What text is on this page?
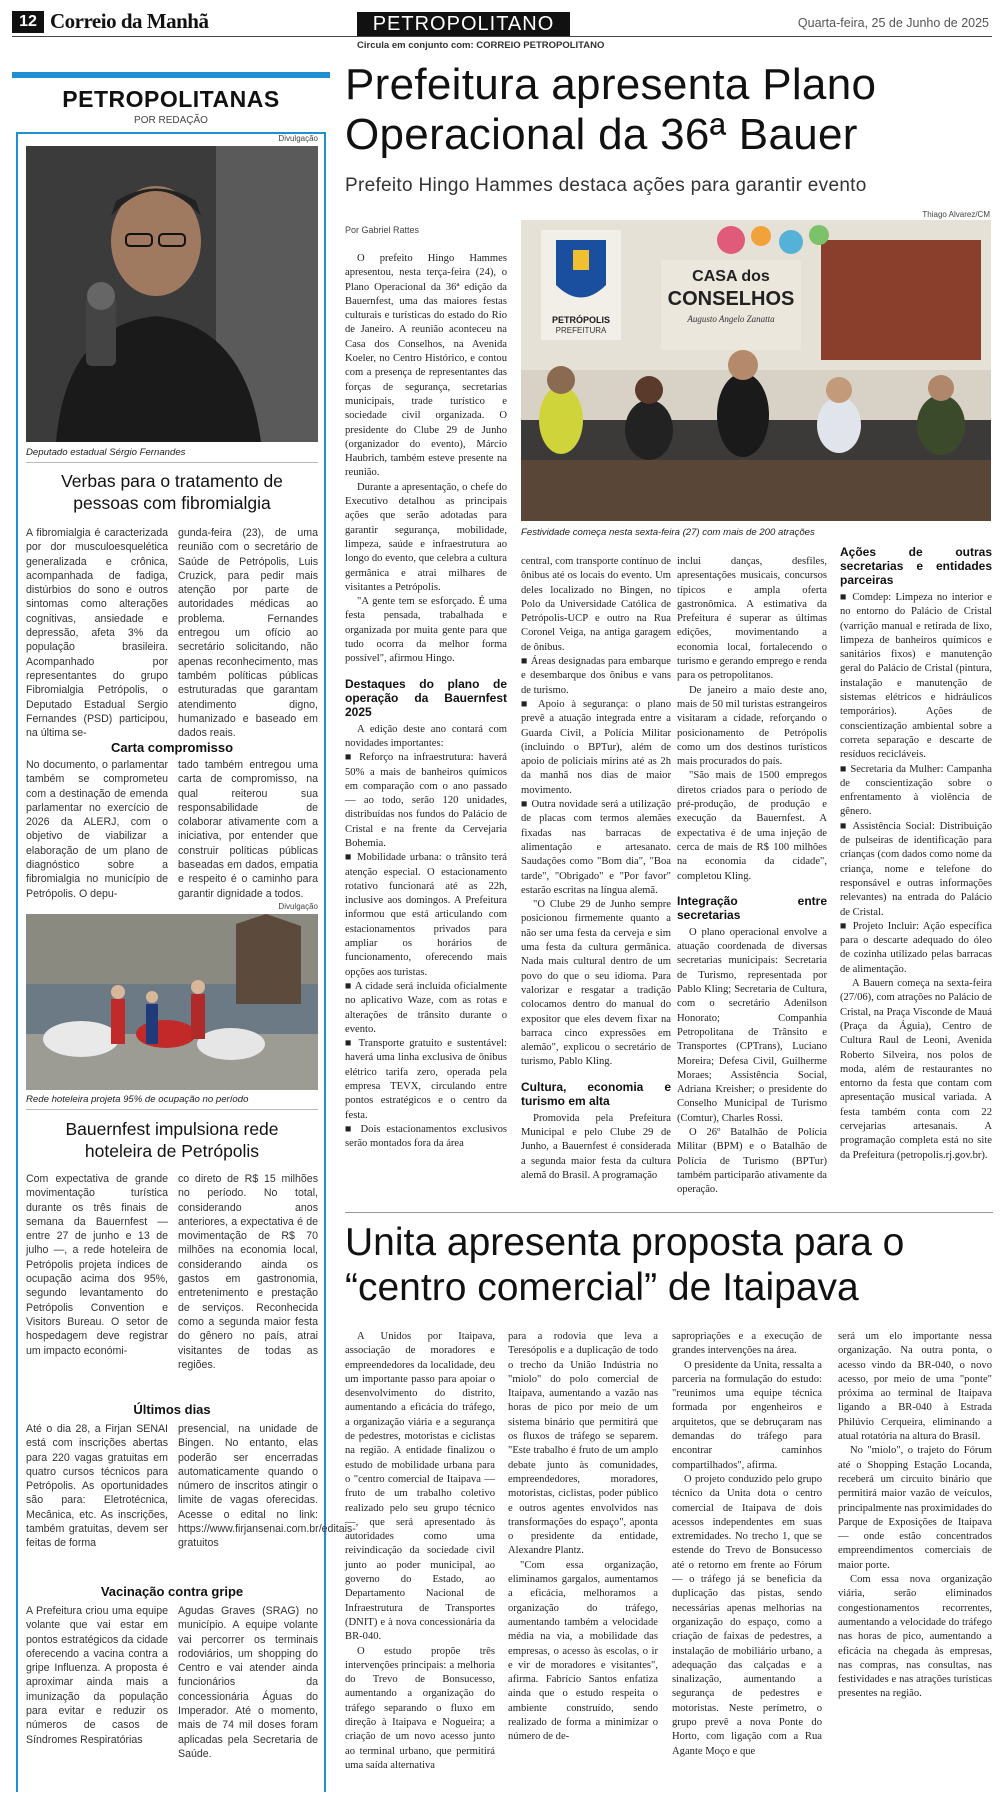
12 Correio da Manhã	PETROPOLITANO	Quarta-feira, 25 de Junho de 2025
Circula em conjunto com: CORREIO PETROPOLITANO
PETROPOLITANAS
POR REDAÇÃO
Divulgação
Deputado estadual Sérgio Fernandes
Verbas para o tratamento de pessoas com fibromialgia
A fibromialgia é caracterizada por dor musculoesquelética generalizada e crônica, acompanhada de fadiga, distúrbios do sono e outros sintomas como alterações cognitivas, ansiedade e depressão, afeta 3% da população brasileira. Acompanhado por representantes do grupo Fibromialgia Petrópolis, o Deputado Estadual Sergio Fernandes (PSD) participou, na última se-
gunda-feira (23), de uma reunião com o secretário de Saúde de Petrópolis, Luis Cruzick, para pedir mais atenção por parte de autoridades médicas ao problema. Fernandes entregou um ofício ao secretário solicitando, não apenas reconhecimento, mas também políticas públicas estruturadas que garantam atendimento digno, humanizado e baseado em dados reais.
Carta compromisso
No documento, o parlamentar também se comprometeu com a destinação de emenda parlamentar no exercício de 2026 da ALERJ, com o objetivo de viabilizar a elaboração de um plano de diagnóstico sobre a fibromialgia no município de Petrópolis. O depu-
tado também entregou uma carta de compromisso, na qual reiterou sua responsabilidade de colaborar ativamente com a iniciativa, por entender que construir políticas públicas baseadas em dados, empatia e respeito é o caminho para garantir dignidade a todos.
Divulgação
Rede hoteleira projeta 95% de ocupação no período
Bauernfest impulsiona rede hoteleira de Petrópolis
Com expectativa de grande movimentação turística durante os três finais de semana da Bauernfest — entre 27 de junho e 13 de julho —, a rede hoteleira de Petrópolis projeta índices de ocupação acima dos 95%, segundo levantamento do Petrópolis Convention e Visitors Bureau. O setor de hospedagem deve registrar um impacto económi-
co direto de R$ 15 milhões no período. No total, considerando anos anteriores, a expectativa é de movimentação de R$ 70 milhões na economia local, considerando ainda os gastos em gastronomia, entretenimento e prestação de serviços. Reconhecida como a segunda maior festa do gênero no país, atrai visitantes de todas as regiões.
Últimos dias
Até o dia 28, a Firjan SENAI está com inscrições abertas para 220 vagas gratuitas em quatro cursos técnicos para Petrópolis. As oportunidades são para: Eletrotécnica, Mecânica, etc. As inscrições, também gratuitas, devem ser feitas de forma
presencial, na unidade de Bingen. No entanto, elas poderão ser encerradas automaticamente quando o número de inscritos atingir o limite de vagas oferecidas. Acesse o edital no link: https://www.firjansenai.com.br/editais-gratuitos
Vacinação contra gripe
A Prefeitura criou uma equipe volante que vai estar em pontos estratégicos da cidade oferecendo a vacina contra a gripe Influenza. A proposta é aproximar ainda mais a imunização da população para evitar e reduzir os números de casos de Síndromes Respiratórias
Agudas Graves (SRAG) no município. A equipe volante vai percorrer os terminais rodoviários, um shopping do Centro e vai atender ainda funcionários da concessionária Águas do Imperador. Até o momento, mais de 74 mil doses foram aplicadas pela Secretaria de Saúde.
Prefeitura apresenta Plano Operacional da 36ª Bauer
Prefeito Hingo Hammes destaca ações para garantir evento
Por Gabriel Rattes
Thiago Alvarez/CM
PETRÓPOLIS
PREFEITURA
CASA dos
CONSELHOS
Augusto Angelo Zanatta
Festividade começa nesta sexta-feira (27) com mais de 200 atrações

O prefeito Hingo Hammes apresentou, nesta terça-feira (24), o Plano Operacional da 36ª edição da Bauernfest, uma das maiores festas culturais e turísticas do estado do Rio de Janeiro. A reunião aconteceu na Casa dos Conselhos, na Avenida Koeler, no Centro Histórico, e contou com a presença de representantes das forças de segurança, secretarias municipais, trade turístico e sociedade civil organizada. O presidente do Clube 29 de Junho (organizador do evento), Márcio Haubrich, também esteve presente na reunião.

Durante a apresentação, o chefe do Executivo detalhou as principais ações que serão adotadas para garantir segurança, mobilidade, limpeza, saúde e infraestrutura ao longo do evento, que celebra a cultura germânica e atrai milhares de visitantes a Petrópolis.

"A gente tem se esforçado. É uma festa pensada, trabalhada e organizada por muita gente para que tudo ocorra da melhor forma possível", afirmou Hingo.

Destaques do plano de operação da Bauernfest 2025

A edição deste ano contará com novidades importantes:

■ Reforço na infraestrutura: haverá 50% a mais de banheiros químicos em comparação com o ano passado — ao todo, serão 120 unidades, distribuídas nos fundos do Palácio de Cristal e na frente da Cervejaria Bohemia.

■ Mobilidade urbana: o trânsito terá atenção especial. O estacionamento rotativo funcionará até as 22h, inclusive aos domingos. A Prefeitura informou que está articulando com estacionamentos privados para ampliar os horários de funcionamento, oferecendo mais opções aos turistas.

■ A cidade será incluída oficialmente no aplicativo Waze, com as rotas e alterações de trânsito durante o evento.

■ Transporte gratuito e sustentável: haverá uma linha exclusiva de ônibus elétrico tarifa zero, operada pela empresa TEVX, circulando entre pontos estratégicos e o centro da festa.

■ Dois estacionamentos exclusivos serão montados fora da área

central, com transporte contínuo de ônibus até os locais do evento. Um deles localizado no Bingen, no Polo da Universidade Católica de Petrópolis-UCP e outro na Rua Coronel Veiga, na antiga garagem de ônibus.

■ Áreas designadas para embarque e desembarque dos ônibus e vans de turismo.

■ Apoio à segurança: o plano prevê a atuação integrada entre a Guarda Civil, a Polícia Militar (incluindo o BPTur), além de apoio de policiais mirins até as 2h da manhã nos dias de maior movimento.

■ Outra novidade será a utilização de placas com termos alemães fixadas nas barracas de alimentação e artesanato. Saudações como "Bom dia", "Boa tarde", "Obrigado" e "Por favor" estarão escritas na língua alemã.

"O Clube 29 de Junho sempre posicionou firmemente quanto a não ser uma festa da cerveja e sim uma festa da cultura germânica. Nada mais cultural dentro de um povo do que o seu idioma. Para valorizar e resgatar a tradição colocamos dentro do manual do expositor que eles devem fixar na barraca cinco expressões em alemão", explicou o secretário de turismo, Pablo Kling.

Cultura, economia e turismo em alta

Promovida pela Prefeitura Municipal e pelo Clube 29 de Junho, a Bauernfest é considerada a segunda maior festa da cultura alemã do Brasil. A programação

inclui danças, desfiles, apresentações musicais, concursos típicos e ampla oferta gastronômica. A estimativa da Prefeitura é superar as últimas edições, movimentando a economia local, fortalecendo o turismo e gerando emprego e renda para os petropolitanos.

De janeiro a maio deste ano, mais de 50 mil turistas estrangeiros visitaram a cidade, reforçando o posicionamento de Petrópolis como um dos destinos turísticos mais procurados do país.

"São mais de 1500 empregos diretos criados para o período de pré-produção, de produção e execução da Bauernfest. A expectativa é de uma injeção de cerca de mais de R$ 100 milhões na economia da cidade", completou Kling.

Integração entre secretarias

O plano operacional envolve a atuação coordenada de diversas secretarias municipais: Secretaria de Turismo, representada por Pablo Kling; Secretaria de Cultura, com o secretário Adenilson Honorato; Companhia Petropolitana de Trânsito e Transportes (CPTrans), Luciano Moreira; Defesa Civil, Guilherme Moraes; Assistência Social, Adriana Kreisher; o presidente do Conselho Municipal de Turismo (Comtur), Charles Rossi.

O 26º Batalhão de Polícia Militar (BPM) e o Batalhão de Polícia de Turismo (BPTur) também participarão ativamente da operação.

Ações de outras secretarias e entidades parceiras

■ Comdep: Limpeza no interior e no entorno do Palácio de Cristal (varrição manual e retirada de lixo, limpeza de banheiros químicos e sanitários fixos) e manutenção geral do Palácio de Cristal (pintura, instalação e manutenção de sistemas elétricos e hidráulicos temporários). Ações de conscientização ambiental sobre a correta separação e descarte de resíduos recicláveis.

■ Secretaria da Mulher: Campanha de conscientização sobre o enfrentamento à violência de gênero.

■ Assistência Social: Distribuição de pulseiras de identificação para crianças (com dados como nome da criança, nome e telefone do responsável e outras informações relevantes) na entrada do Palácio de Cristal.

■ Projeto Incluir: Ação específica para o descarte adequado do óleo de cozinha utilizado pelas barracas de alimentação.

A Bauern começa na sexta-feira (27/06), com atrações no Palácio de Cristal, na Praça Visconde de Mauá (Praça da Águia), Centro de Cultura Raul de Leoni, Avenida Roberto Silveira, nos polos de moda, além de restaurantes no entorno da festa que contam com apresentação musical variada. A festa também conta com 22 cervejarias artesanais. A programação completa está no site da Prefeitura (petropolis.rj.gov.br).

Unita apresenta proposta para o “centro comercial” de Itaipava

A Unidos por Itaipava, associação de moradores e empreendedores da localidade, deu um importante passo para apoiar o desenvolvimento do distrito, aumentando a eficácia do tráfego, a organização viária e a segurança de pedestres, motoristas e ciclistas na região. A entidade finalizou o estudo de mobilidade urbana para o "centro comercial de Itaipava — fruto de um trabalho coletivo realizado pelo seu grupo técnico —, que será apresentado às autoridades como uma reivindicação da sociedade civil junto ao poder municipal, ao governo do Estado, ao Departamento Nacional de Infraestrutura de Transportes (DNIT) e à nova concessionária da BR-040.

O estudo propõe três intervenções principais: a melhoria do Trevo de Bonsucesso, aumentando a organização do tráfego separando o fluxo em direção à Itaipava e Nogueira; a criação de um novo acesso junto ao terminal urbano, que permitirá uma saída alternativa

para a rodovia que leva a Teresópolis e a duplicação de todo o trecho da União Indústria no "miolo" do polo comercial de Itaipava, aumentando a vazão nas horas de pico por meio de um sistema binário que permitirá que os fluxos de tráfego se separem. "Este trabalho é fruto de um amplo debate junto às comunidades, empreendedores, moradores, motoristas, ciclistas, poder público e outros agentes envolvidos nas transformações do espaço", aponta o presidente da entidade, Alexandre Plantz.

"Com essa organização, eliminamos gargalos, aumentamos a eficácia, melhoramos a organização do tráfego, aumentando também a velocidade média na via, a mobilidade das empresas, o acesso às escolas, o ir e vir de moradores e visitantes", afirma. Fabrício Santos enfatiza ainda que o estudo respeita o ambiente construído, sendo realizado de forma a minimizar o número de de-

sapropriações e a execução de grandes intervenções na área.

O presidente da Unita, ressalta a parceria na formulação do estudo: "reunimos uma equipe técnica formada por engenheiros e arquitetos, que se debruçaram nas demandas do tráfego para encontrar caminhos compartilhados", afirma.

O projeto conduzido pelo grupo técnico da Unita dota o centro comercial de Itaipava de dois acessos independentes em suas extremidades. No trecho 1, que se estende do Trevo de Bonsucesso até o retorno em frente ao Fórum — o tráfego já se beneficia da duplicação das pistas, sendo necessárias apenas melhorias na organização do espaço, como a criação de faixas de pedestres, a instalação de mobiliário urbano, a adequação das calçadas e a sinalização, aumentando a segurança de pedestres e motoristas. Neste perímetro, o grupo prevê a nova Ponte do Horto, com ligação com a Rua Agante Moço e que

será um elo importante nessa organização. Na outra ponta, o acesso vindo da BR-040, o novo acesso, por meio de uma "ponte" próxima ao terminal de Itaipava ligando a BR-040 à Estrada Philúvio Cerqueira, eliminando a atual rotatória na altura do Brasil.

No "miolo", o trajeto do Fórum até o Shopping Estação Locanda, receberá um circuito binário que permitirá maior vazão de veículos, principalmente nas proximidades do Parque de Exposições de Itaipava — onde estão concentrados empreendimentos comerciais de maior porte.

Com essa nova organização viária, serão eliminados congestionamentos recorrentes, aumentando a velocidade do tráfego nas horas de pico, aumentando a eficácia na chegada às empresas, nas compras, nas consultas, nas festividades e nas atrações turísticas presentes na região.
